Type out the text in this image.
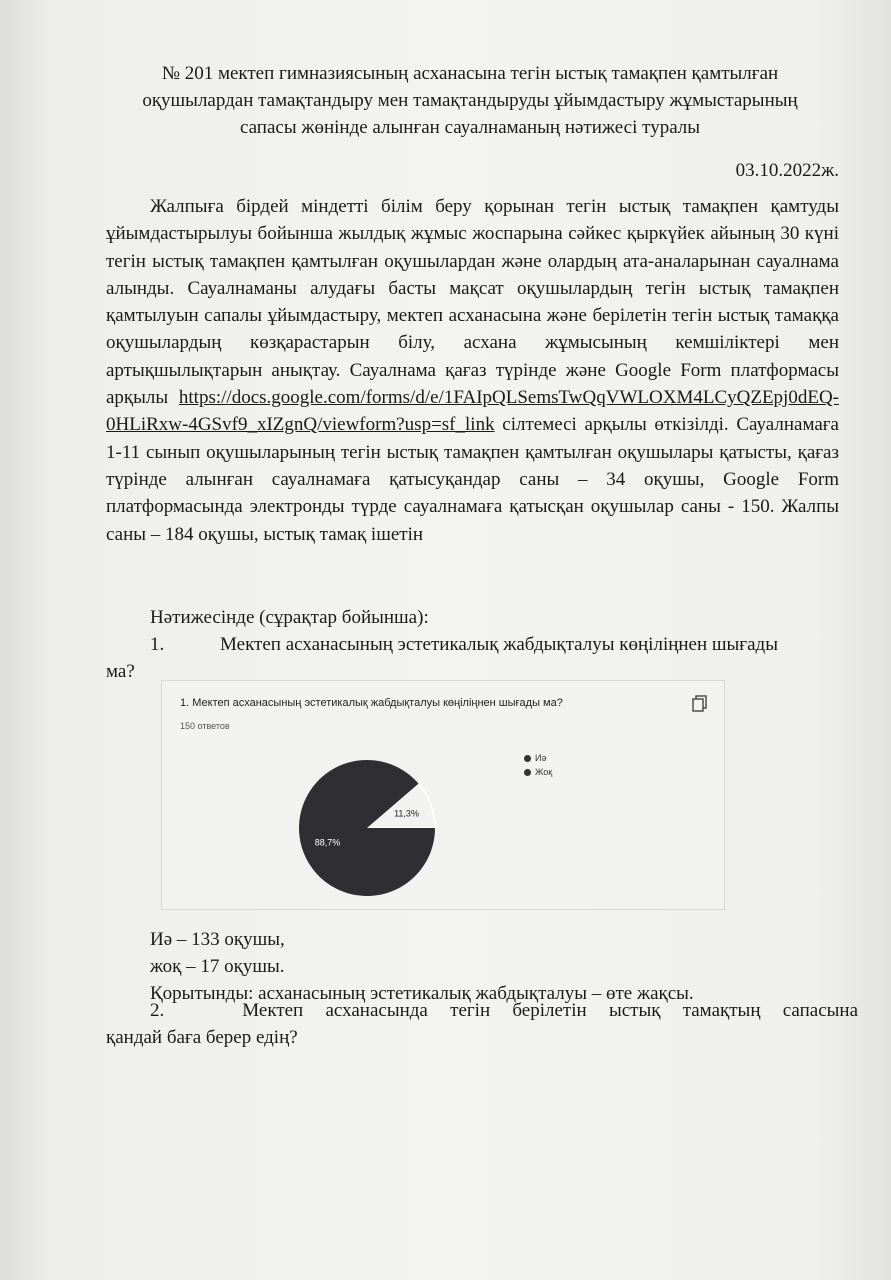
№ 201 мектеп гимназиясының асханасына тегін ыстық тамақпен қамтылған
оқушылардан тамақтандыру мен тамақтандыруды ұйымдастыру жұмыстарының
сапасы жөнінде алынған сауалнаманың нәтижесі туралы
03.10.2022ж.

Жалпыға бірдей міндетті білім беру қорынан тегін ыстық тамақпен қамтуды ұйымдастырылуы бойынша жылдық жұмыс жоспарына сәйкес қыркүйек айының 30 күні тегін ыстық тамақпен қамтылған оқушылардан және олардың ата-аналарынан сауалнама алынды. Сауалнаманы алудағы басты мақсат оқушылардың тегін ыстық тамақпен қамтылуын сапалы ұйымдастыру, мектеп асханасына және берілетін тегін ыстық тамаққа оқушылардың көзқарастарын білу, асхана жұмысының кемшіліктері мен артықшылықтарын анықтау. Сауалнама қағаз түрінде және Google Form платформасы арқылы https://docs.google.com/forms/d/e/1FAIpQLSemsTwQqVWLOXM4LCyQZEpj0dEQ-0HLiRxw-4GSvf9_xIZgnQ/viewform?usp=sf_link сілтемесі арқылы өткізілді. Сауалнамаға 1-11 сынып оқушыларының тегін ыстық тамақпен қамтылған оқушылары қатысты, қағаз түрінде алынған сауалнамаға қатысуқандар саны – 34 оқушы, Google Form платформасында электронды түрде сауалнамаға қатысқан оқушылар саны - 150. Жалпы саны – 184 оқушы, ыстық тамақ ішетін

Нәтижесінде (сұрақтар бойынша):
1.	Мектеп асханасының эстетикалық жабдықталуы көңіліңнен шығады
ма?
1. Мектеп асханасының эстетикалық жабдықталуы көңіліңнен шығады ма?
150 ответов
11,3%
88,7%
Иә
Жоқ
Иә – 133 оқушы,
жоқ – 17 оқушы.
Қорытынды: асханасының эстетикалық жабдықталуы – өте жақсы.
2.	Мектеп асханасында тегін берілетін ыстық тамақтың сапасына
қандай баға берер едің?
